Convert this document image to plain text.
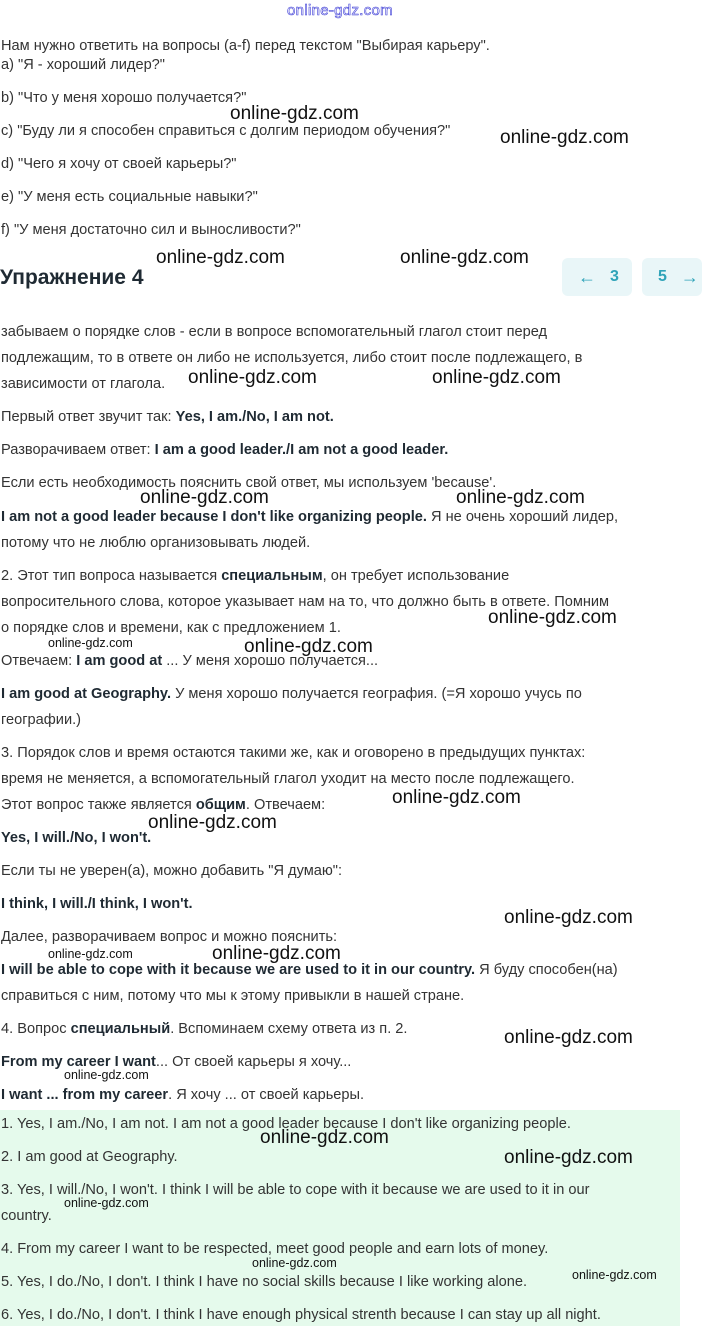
online-gdz.com

Нам нужно ответить на вопросы (a-f) перед текстом "Выбирая карьеру".

a) "Я - хороший лидер?"

b) "Что у меня хорошо получается?"

c) "Буду ли я способен справиться с долгим периодом обучения?"

d) "Чего я хочу от своей карьеры?"

e) "У меня есть социальные навыки?"

f) "У меня достаточно сил и выносливости?"

Упражнение 4	← 3 5 →

забываем о порядке слов - если в вопросе вспомогательный глагол стоит перед

подлежащим, то в ответе он либо не используется, либо стоит после подлежащего, в

зависимости от глагола.

Первый ответ звучит так: Yes, I am./No, I am not.

Разворачиваем ответ: I am a good leader./I am not a good leader.

Если есть необходимость пояснить свой ответ, мы используем 'because'.

I am not a good leader because I don't like organizing people. Я не очень хороший лидер,

потому что не люблю организовывать людей.

2. Этот тип вопроса называется специальным, он требует использование

вопросительного слова, которое указывает нам на то, что должно быть в ответе. Помним

о порядке слов и времени, как с предложением 1.

Отвечаем: I am good at ... У меня хорошо получается...

I am good at Geography. У меня хорошо получается география. (=Я хорошо учусь по

географии.)

3. Порядок слов и время остаются такими же, как и оговорено в предыдущих пунктах:

время не меняется, а вспомогательный глагол уходит на место после подлежащего.

Этот вопрос также является общим. Отвечаем:

Yes, I will./No, I won't.

Если ты не уверен(а), можно добавить "Я думаю":

I think, I will./I think, I won't.

Далее, разворачиваем вопрос и можно пояснить:

I will be able to cope with it because we are used to it in our country. Я буду способен(на)

справиться с ним, потому что мы к этому привыкли в нашей стране.

4. Вопрос специальный. Вспоминаем схему ответа из п. 2.

From my career I want... От своей карьеры я хочу...

I want ... from my career. Я хочу ... от своей карьеры.

1. Yes, I am./No, I am not. I am not a good leader because I don't like organizing people.

2. I am good at Geography.

3. Yes, I will./No, I won't. I think I will be able to cope with it because we are used to it in our

country.

4. From my career I want to be respected, meet good people and earn lots of money.

5. Yes, I do./No, I don't. I think I have no social skills because I like working alone.

6. Yes, I do./No, I don't. I think I have enough physical strenth because I can stay up all night.

online-gdz.com
online-gdz.com
online-gdz.com	online-gdz.com
online-gdz.com	online-gdz.com
online-gdz.com	online-gdz.com
online-gdz.com
online-gdz.com
online-gdz.com
online-gdz.com
online-gdz.com
online-gdz.com
online-gdz.com
online-gdz.com
online-gdz.com
online-gdz.com
online-gdz.com
online-gdz.com
online-gdz.com
online-gdz.com
online-gdz.com
